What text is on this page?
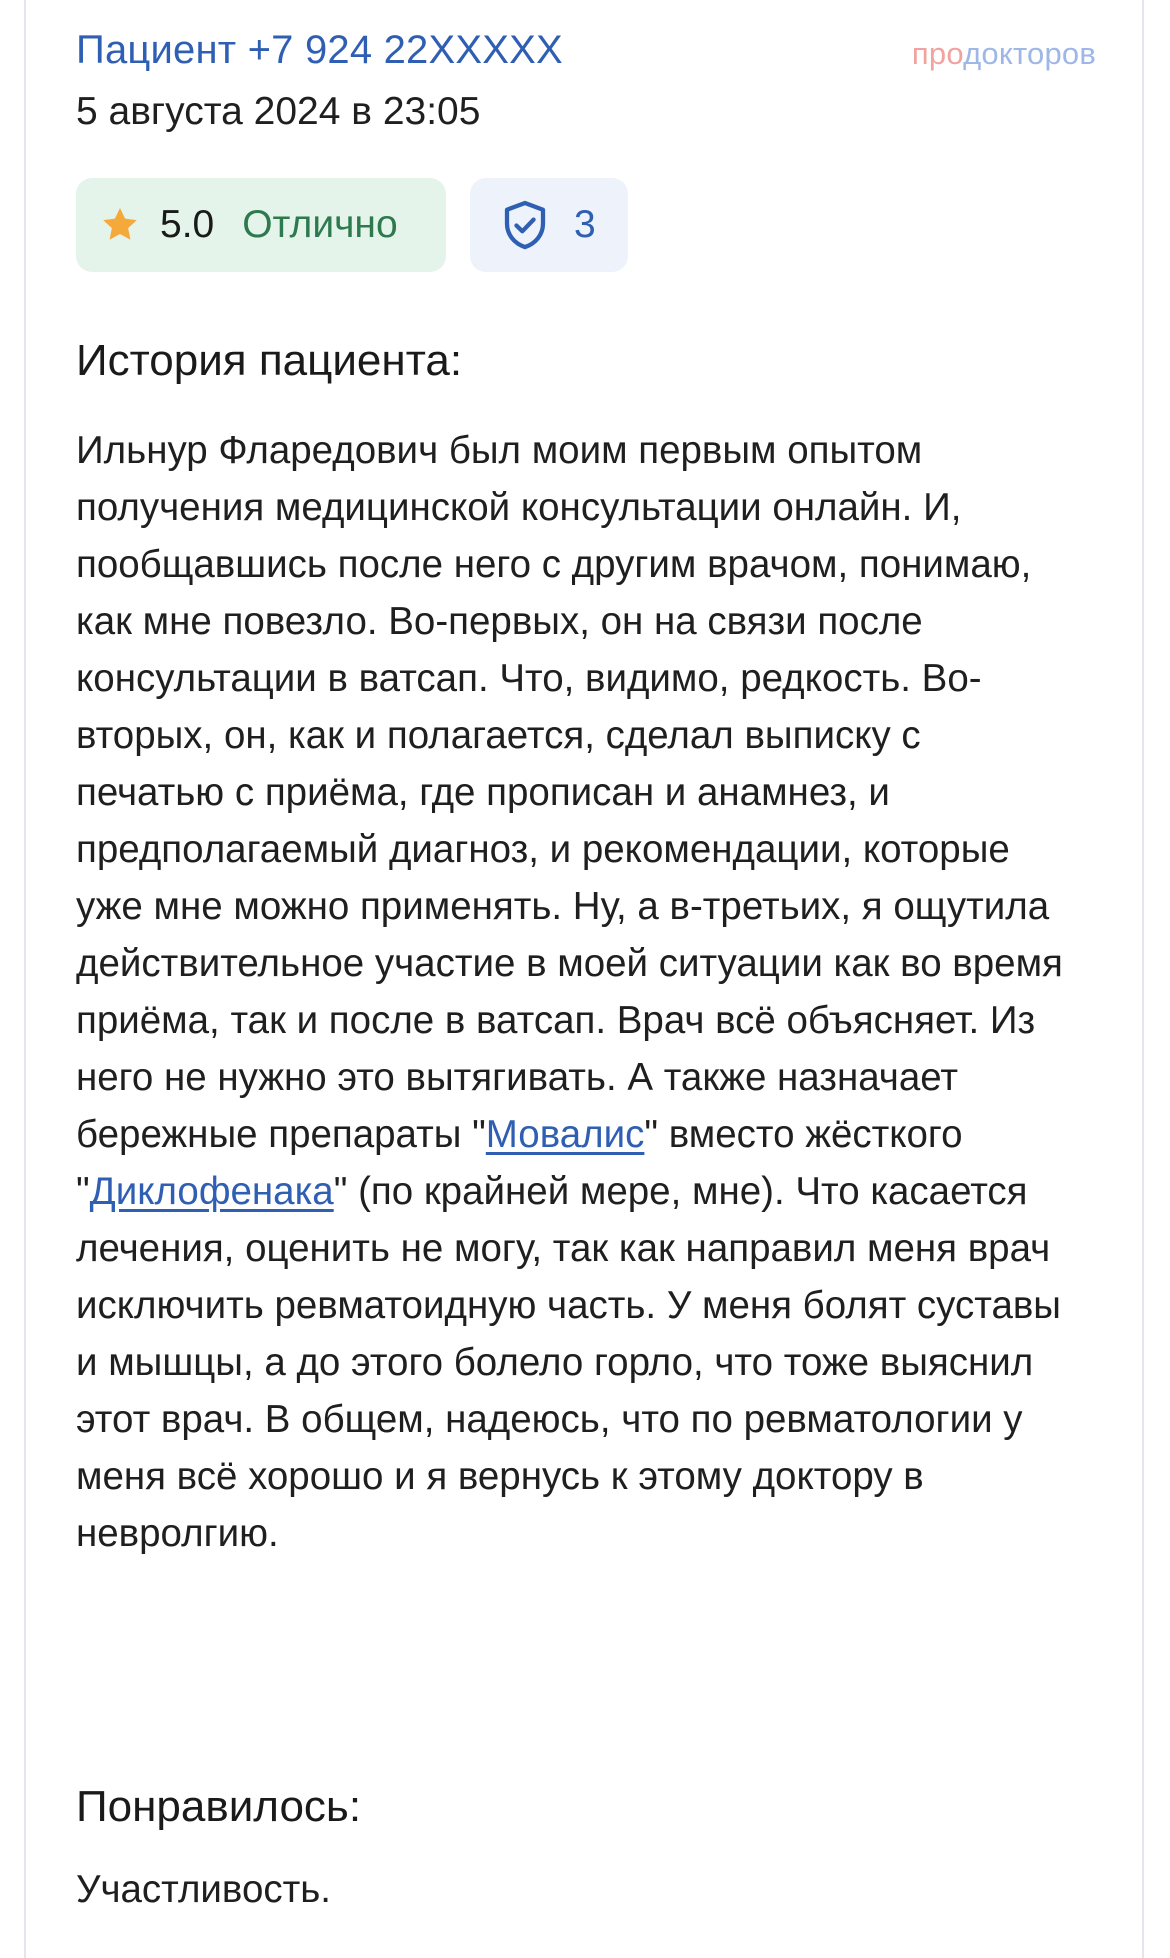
Пациент +7 924 22XXXXX
5 августа 2024 в 23:05
продокторов
5.0 Отлично	3
История пациента:
Ильнур Фларедович был моим первым опытом получения медицинской консультации онлайн. И, пообщавшись после него с другим врачом, понимаю, как мне повезло. Во-первых, он на связи после консультации в ватсап. Что, видимо, редкость. Во-вторых, он, как и полагается, сделал выписку с печатью с приёма, где прописан и анамнез, и предполагаемый диагноз, и рекомендации, которые уже мне можно применять. Ну, а в-третьих, я ощутила действительное участие в моей ситуации как во время приёма, так и после в ватсап. Врач всё объясняет. Из него не нужно это вытягивать. А также назначает бережные препараты "Мовалис" вместо жёсткого "Диклофенака" (по крайней мере, мне). Что касается лечения, оценить не могу, так как направил меня врач исключить ревматоидную часть. У меня болят суставы и мышцы, а до этого болело горло, что тоже выяснил этот врач. В общем, надеюсь, что по ревматологии у меня всё хорошо и я вернусь к этому доктору в невролгию.
Понравилось:
Участливость.
